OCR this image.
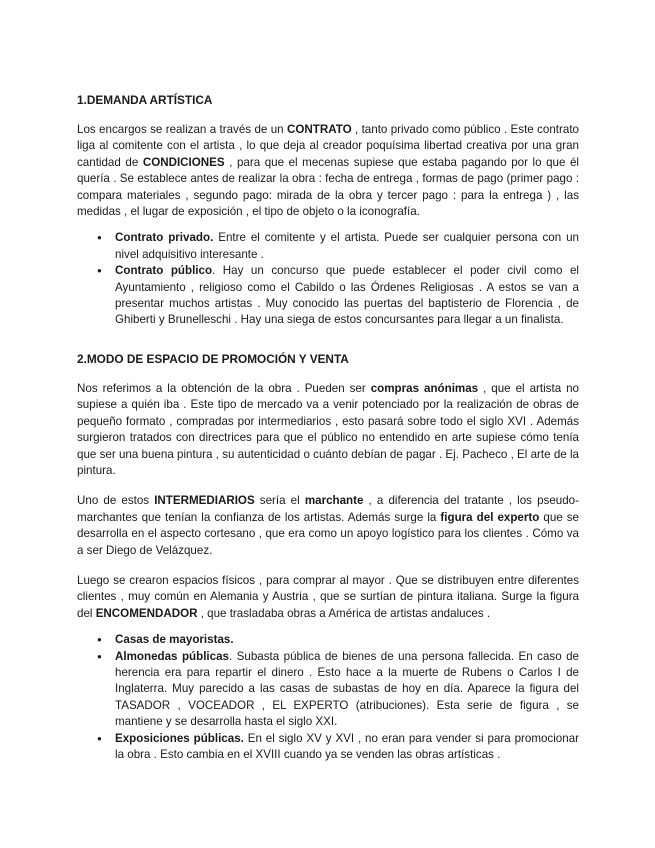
1.DEMANDA ARTÍSTICA

Los encargos se realizan a través de un CONTRATO , tanto privado como público . Este contrato liga al comitente con el artista , lo que deja al creador poquísima libertad creativa por una gran cantidad de CONDICIONES , para que el mecenas supiese que estaba pagando por lo que él quería . Se establece antes de realizar la obra : fecha de entrega , formas de pago (primer pago : compara materiales , segundo pago: mirada de la obra y tercer pago : para la entrega ) , las medidas , el lugar de exposición , el tipo de objeto o la iconografía.

● Contrato privado. Entre el comitente y el artista. Puede ser cualquier persona con un nivel adquisitivo interesante .
● Contrato público. Hay un concurso que puede establecer el poder civil como el Ayuntamiento , religioso como el Cabildo o las Órdenes Religiosas . A estos se van a presentar muchos artistas . Muy conocido las puertas del baptisterio de Florencia , de Ghiberti y Brunelleschi . Hay una siega de estos concursantes para llegar a un finalista.
2.MODO DE ESPACIO DE PROMOCIÓN Y VENTA

Nos referimos a la obtención de la obra . Pueden ser compras anónimas , que el artista no supiese a quién iba . Este tipo de mercado va a venir potenciado por la realización de obras de pequeño formato , compradas por intermediarios , esto pasará sobre todo el siglo XVI . Además surgieron tratados con directrices para que el público no entendido en arte supiese cómo tenía que ser una buena pintura , su autenticidad o cuánto debían de pagar . Ej. Pacheco , El arte de la pintura.

Uno de estos INTERMEDIARIOS sería el marchante , a diferencia del tratante , los pseudo-marchantes que tenían la confianza de los artistas. Además surge la figura del experto que se desarrolla en el aspecto cortesano , que era como un apoyo logístico para los clientes . Cómo va a ser Diego de Velázquez.

Luego se crearon espacios físicos , para comprar al mayor . Que se distribuyen entre diferentes clientes , muy común en Alemania y Austria , que se surtían de pintura italiana. Surge la figura del ENCOMENDADOR , que trasladaba obras a América de artistas andaluces .

● Casas de mayoristas.
● Almonedas públicas. Subasta pública de bienes de una persona fallecida. En caso de herencia era para repartir el dinero . Esto hace a la muerte de Rubens o Carlos I de Inglaterra. Muy parecido a las casas de subastas de hoy en día. Aparece la figura del TASADOR , VOCEADOR , EL EXPERTO (atribuciones). Esta serie de figura , se mantiene y se desarrolla hasta el siglo XXI.
● Exposiciones públicas. En el siglo XV y XVI , no eran para vender si para promocionar la obra . Esto cambia en el XVIII cuando ya se venden las obras artísticas .
